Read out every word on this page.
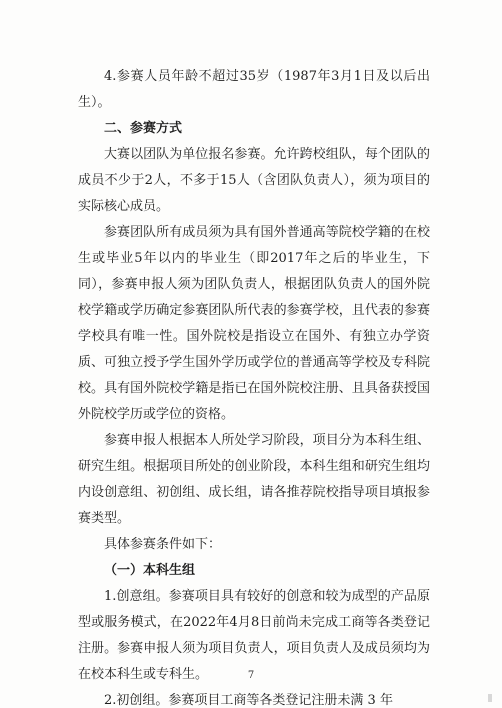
4.参赛人员年龄不超过35岁（1987年3月1日及以后出生）。

二、参赛方式

大赛以团队为单位报名参赛。允许跨校组队，每个团队的成员不少于2人，不多于15人（含团队负责人），须为项目的实际核心成员。

参赛团队所有成员须为具有国外普通高等院校学籍的在校生或毕业5年以内的毕业生（即2017年之后的毕业生，下同），参赛申报人须为团队负责人，根据团队负责人的国外院校学籍或学历确定参赛团队所代表的参赛学校，且代表的参赛学校具有唯一性。国外院校是指设立在国外、有独立办学资质、可独立授予学生国外学历或学位的普通高等学校及专科院校。具有国外院校学籍是指已在国外院校注册、且具备获授国外院校学历或学位的资格。

参赛申报人根据本人所处学习阶段，项目分为本科生组、研究生组。根据项目所处的创业阶段，本科生组和研究生组均内设创意组、初创组、成长组，请各推荐院校指导项目填报参赛类型。

具体参赛条件如下：

（一）本科生组

1.创意组。参赛项目具有较好的创意和较为成型的产品原型或服务模式，在2022年4月8日前尚未完成工商等各类登记注册。参赛申报人须为项目负责人，项目负责人及成员须均为在校本科生或专科生。

2.初创组。参赛项目工商等各类登记注册未满 3 年

7
